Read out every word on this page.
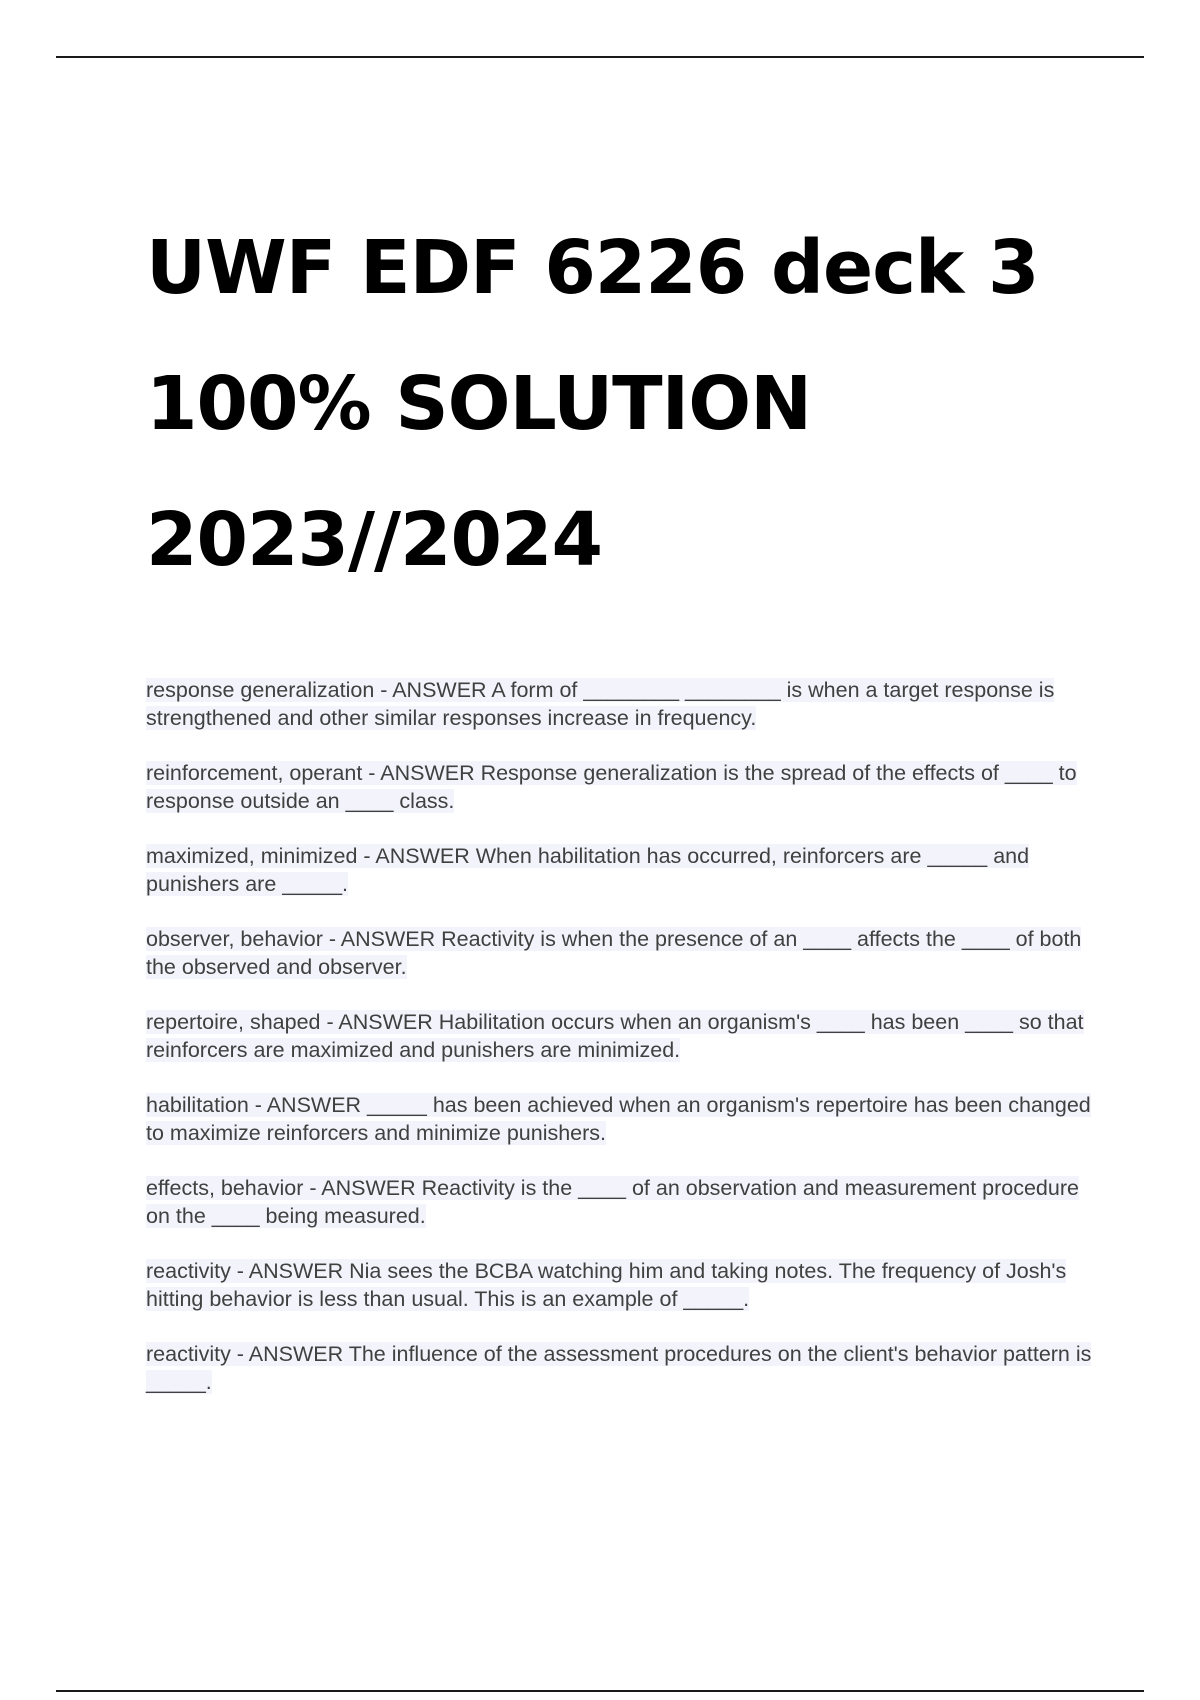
UWF EDF 6226 deck 3
100% SOLUTION
2023//2024
response generalization - ANSWER A form of ________ ________ is when a target response is strengthened and other similar responses increase in frequency.
reinforcement, operant - ANSWER Response generalization is the spread of the effects of ____ to response outside an ____ class.
maximized, minimized - ANSWER When habilitation has occurred, reinforcers are _____ and punishers are _____.
observer, behavior - ANSWER Reactivity is when the presence of an ____ affects the ____ of both the observed and observer.
repertoire, shaped - ANSWER Habilitation occurs when an organism's ____ has been ____ so that reinforcers are maximized and punishers are minimized.
habilitation - ANSWER _____ has been achieved when an organism's repertoire has been changed to maximize reinforcers and minimize punishers.
effects, behavior - ANSWER Reactivity is the ____ of an observation and measurement procedure on the ____ being measured.
reactivity - ANSWER Nia sees the BCBA watching him and taking notes. The frequency of Josh's hitting behavior is less than usual. This is an example of _____.
reactivity - ANSWER The influence of the assessment procedures on the client's behavior pattern is _____.
